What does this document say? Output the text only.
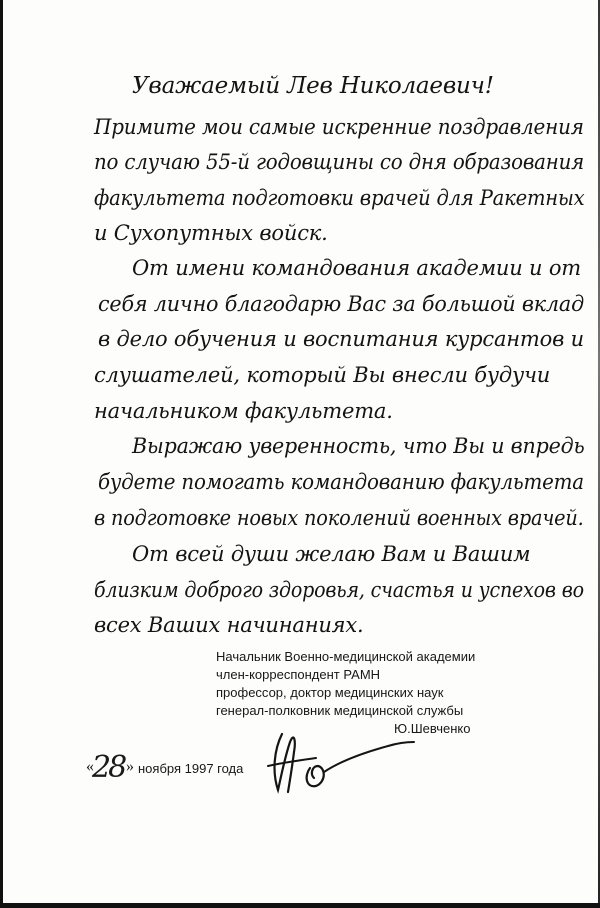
Уважаемый Лев Николаевич!

Примите мои самые искренние поздравления

по случаю 55-й годовщины со дня образования

факультета подготовки врачей для Ракетных

и Сухопутных войск.

От имени командования академии и от

себя лично благодарю Вас за большой вклад

в дело обучения и воспитания курсантов и

слушателей, который Вы внесли будучи

начальником факультета.

Выражаю уверенность, что Вы и впредь

будете помогать командованию факультета

в подготовке новых поколений военных врачей.

От всей души желаю Вам и Вашим

близким доброго здоровья, счастья и успехов во

всех Ваших начинаниях.

Начальник Военно-медицинской академии

член-корреспондент РАМН

профессор, доктор медицинских наук

генерал-полковник медицинской службы

Ю.Шевченко

«
28 » ноября 1997 года
